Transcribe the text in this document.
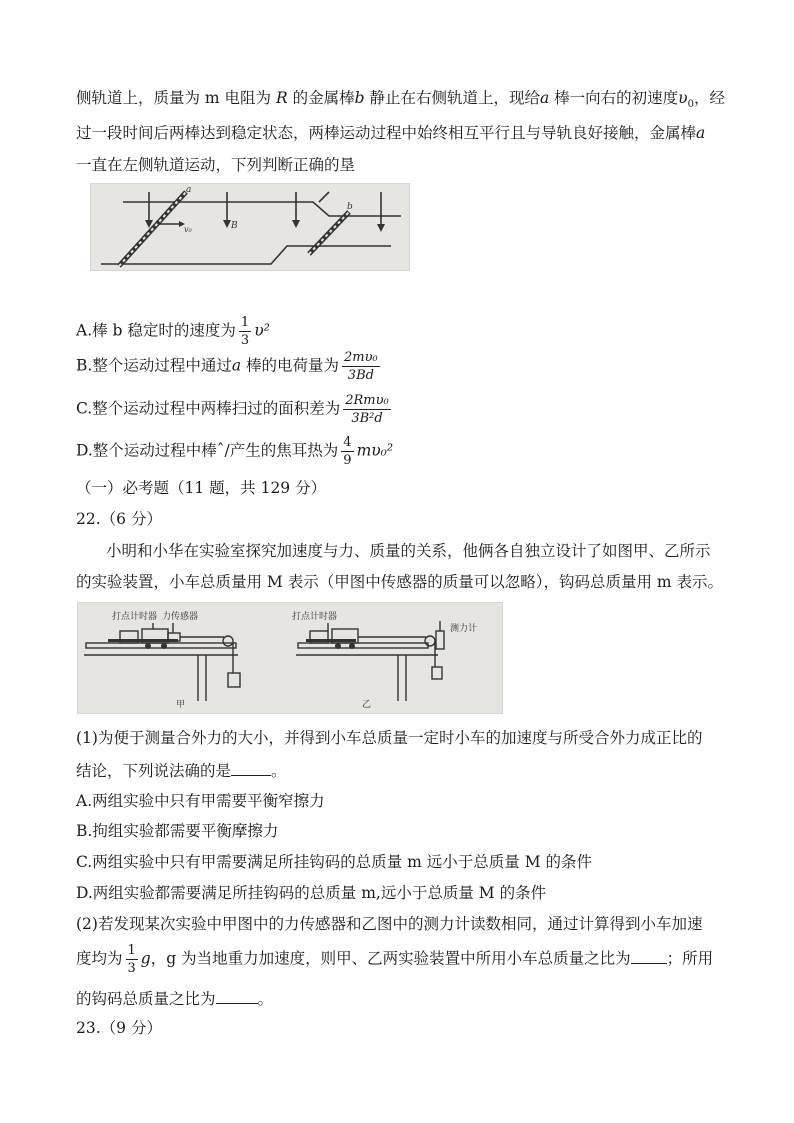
侧轨道上，质量为 m 电阻为 R 的金属棒b 静止在右侧轨道上，现给a 棒一向右的初速度$\upsilon_0$，经
过一段时间后两棒达到稳定状态，两棒运动过程中始终相互平行且与导轨良好接触，金属棒a
一直在左侧轨道运动，下列判断正确的垦
a
b
v₀	B
A.棒 b 稳定时的速度为 $\frac{1}{3} \upsilon^2$
B.整个运动过程中通过a 棒的电荷量为 $\frac{\text{2mυ₀}}{3Bd}$
C.整个运动过程中两棒扫过的面积差为 $\frac{\text{2Rmυ₀}}{\text{3B²d}}$
D.整个运动过程中棒ˆ/产生的焦耳热为 $\frac{4}{9} m\upsilon_0^2$
（一）必考题（11 题，共 129 分）
22.（6 分）
小明和小华在实验室探究加速度与力、质量的关系，他俩各自独立设计了如图甲、乙所示
的实验装置，小车总质量用 M 表示（甲图中传感器的质量可以忽略），钩码总质量用 m 表示。
打点计时器 力传感器
甲
打点计时器
测力计
乙
(1)为便于测量合外力的大小，并得到小车总质量一定时小车的加速度与所受合外力成正比的
结论，下列说法确的是	。
A.两组实验中只有甲需要平衡窄擦力
B.拘组实验都需要平衡摩擦力
C.两组实验中只有甲需要满足所挂钩码的总质量 m 远小于总质量 M 的条件
D.两组实验都需要满足所挂钩码的总质量 m,远小于总质量 M 的条件
(2)若发现某次实验中甲图中的力传感器和乙图中的测力计读数相同，通过计算得到小车加速
度均为 $\frac{1}{3}$ g，g 为当地重力加速度，则甲、乙两实验装置中所用小车总质量之比为 ；所用
的钩码总质量之比为	。
23.（9 分）
